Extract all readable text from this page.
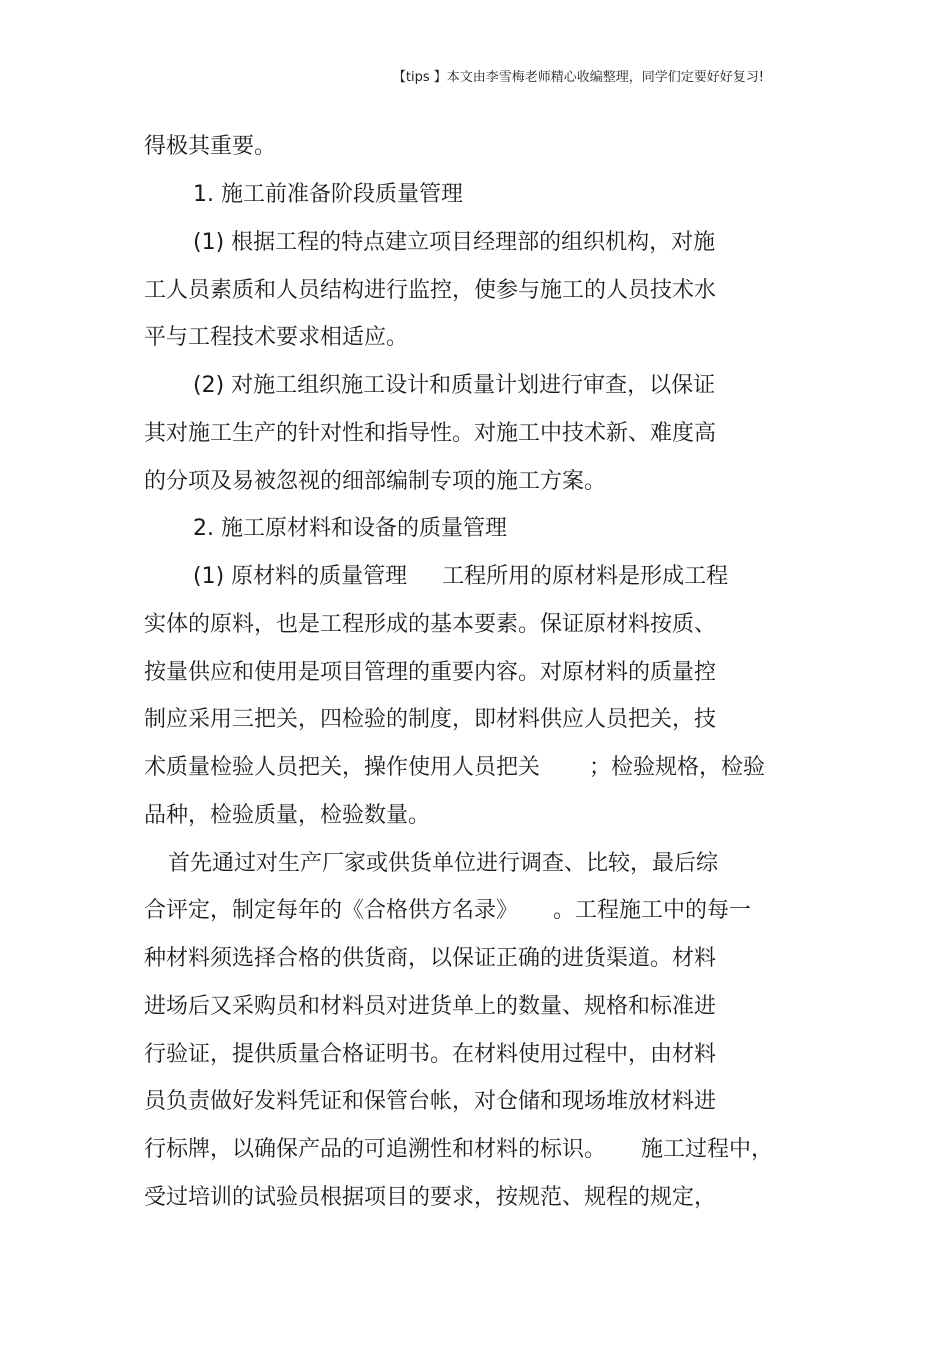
【tips 】本文由李雪梅老师精心收编整理，同学们定要好好复习!
得极其重要。
1. 施工前准备阶段质量管理
(1) 根据工程的特点建立项目经理部的组织机构，对施
工人员素质和人员结构进行监控，使参与施工的人员技术水
平与工程技术要求相适应。
(2) 对施工组织施工设计和质量计划进行审查，以保证
其对施工生产的针对性和指导性。对施工中技术新、难度高
的分项及易被忽视的细部编制专项的施工方案。
2. 施工原材料和设备的质量管理
(1) 原材料的质量管理     工程所用的原材料是形成工程
实体的原料，也是工程形成的基本要素。保证原材料按质、
按量供应和使用是项目管理的重要内容。对原材料的质量控
制应采用三把关，四检验的制度，即材料供应人员把关，技
术质量检验人员把关，操作使用人员把关       ；检验规格，检验
品种，检验质量，检验数量。
首先通过对生产厂家或供货单位进行调查、比较，最后综
合评定，制定每年的《合格供方名录》     。工程施工中的每一
种材料须选择合格的供货商，以保证正确的进货渠道。材料
进场后又采购员和材料员对进货单上的数量、规格和标准进
行验证，提供质量合格证明书。在材料使用过程中，由材料
员负责做好发料凭证和保管台帐，对仓储和现场堆放材料进
行标牌，以确保产品的可追溯性和材料的标识。     施工过程中，
受过培训的试验员根据项目的要求，按规范、规程的规定，
